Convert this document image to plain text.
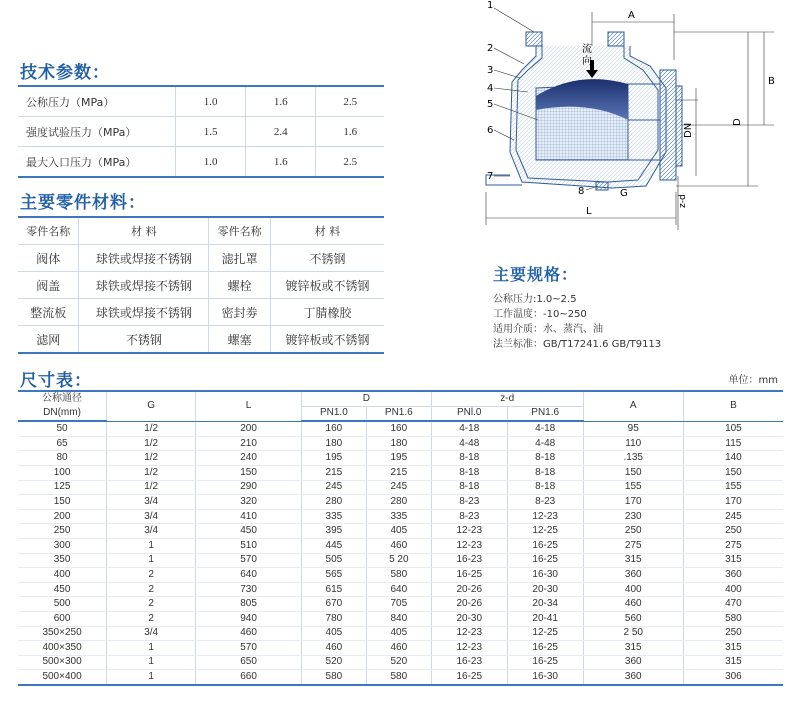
技术参数：
公称压力（MPa）	1.0	1.6	2.5
强度试验压力（MPa）	1.5	2.4	1.6
最大入口压力（MPa）	1.0	1.6	2.5
主要零件材料：
零件名称	材 料	零件名称	材 料
阀体	球铁或焊接不锈钢	滤扎罩	不锈钢
阀盖	球铁或焊接不锈钢	螺栓	镀锌板或不锈钢
整流板	球铁或焊接不锈钢	密封劵	丁腈橡胶
滤网	不锈钢	螺塞	镀锌板或不锈钢
主要规格：
公称压力:1.0~2.5
工作温度：-10~250
适用介质：水、蒸汽、油
法兰标准：GB/T17241.6 GB/T9113
流
向
A
B
D
DN
L
G
z-d
1
2
3
4
5
6
7
8
尺寸表：	单位：mm
公称通径	G	L	D		z-d		A	B
DN(mm)			PN1.0	PN1.6	PNl.0	PN1.6		
50	1/2	200	160	160	4-18	4-18	95	105
65	1/2	210	180	180	4-48	4-48	110	115
80	1/2	240	195	195	8-18	8-18	.135	140
100	1/2	150	215	215	8-18	8-18	150	150
125	1/2	290	245	245	8-18	8-18	155	155
150	3/4	320	280	280	8-23	8-23	170	170
200	3/4	410	335	335	8-23	12-23	230	245
250	3/4	450	395	405	12-23	12-25	250	250
300	1	510	445	460	12-23	16-25	275	275
350	1	570	505	5 20	16-23	16-25	315	315
400	2	640	565	580	16-25	16-30	360	360
450	2	730	615	640	20-26	20-30	400	400
500	2	805	670	705	20-26	20-34	460	470
600	2	940	780	840	20-30	20-41	560	580
350×250	3/4	460	405	405	12-23	12-25	2 50	250
400×350	1	570	460	460	12-23	16-25	315	315
500×300	1	650	520	520	16-23	16-25	360	315
500×400	1	660	580	580	16-25	16-30	360	306
